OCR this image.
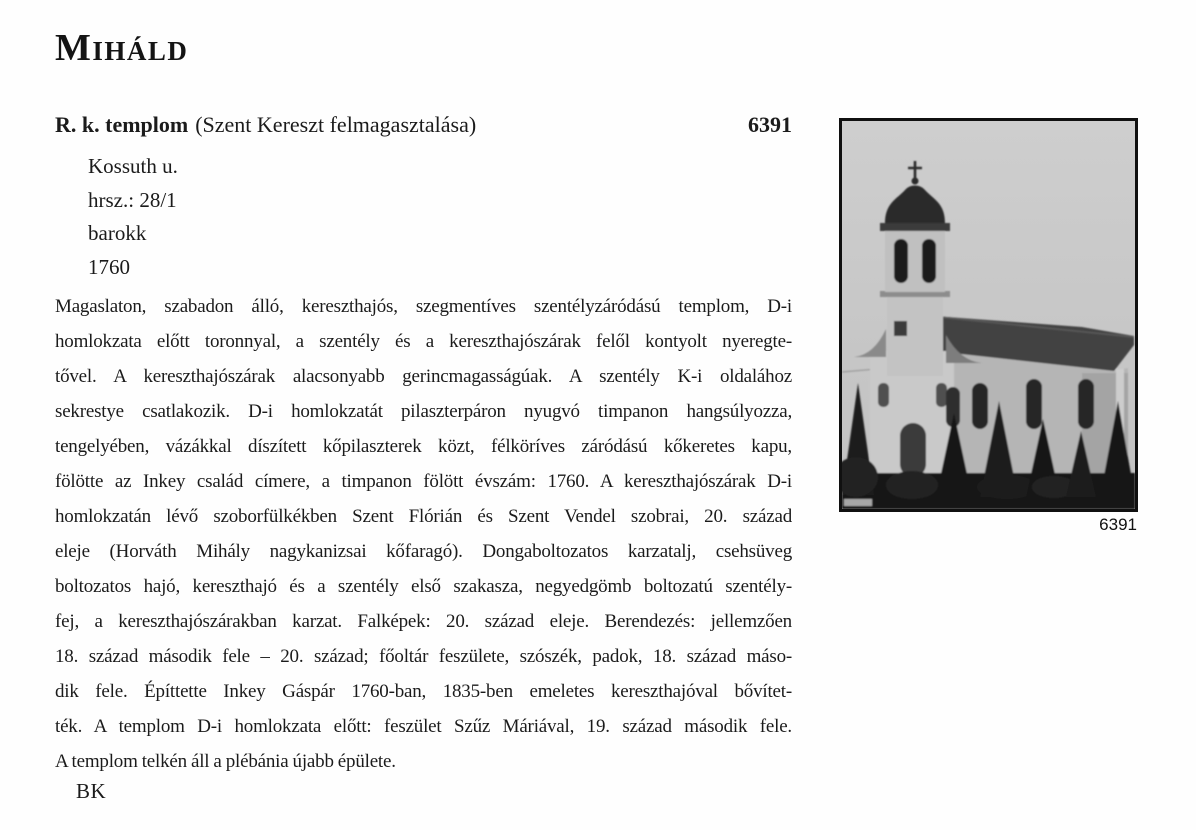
Miháld
R. k. templom (Szent Kereszt felmagasztalása)	6391
Kossuth u.
hrsz.: 28/1
barokk
1760
Magaslaton, szabadon álló, kereszthajós, szegmentíves szentélyzáródású templom, D-i
homlokzata előtt toronnyal, a szentély és a kereszthajószárak felől kontyolt nyeregte-
tővel. A kereszthajószárak alacsonyabb gerincmagasságúak. A szentély K-i oldalához
sekrestye csatlakozik. D-i homlokzatát pilaszterpáron nyugvó timpanon hangsúlyozza,
tengelyében, vázákkal díszített kőpilaszterek közt, félköríves záródású kőkeretes kapu,
fölötte az Inkey család címere, a timpanon fölött évszám: 1760. A kereszthajószárak D-i
homlokzatán lévő szoborfülkékben Szent Flórián és Szent Vendel szobrai, 20. század
eleje (Horváth Mihály nagykanizsai kőfaragó). Dongaboltozatos karzatalj, csehsüveg
boltozatos hajó, kereszthajó és a szentély első szakasza, negyedgömb boltozatú szentély-
fej, a kereszthajószárakban karzat. Falképek: 20. század eleje. Berendezés: jellemzően
18. század második fele – 20. század; főoltár feszülete, szószék, padok, 18. század máso-
dik fele. Építtette Inkey Gáspár 1760-ban, 1835-ben emeletes kereszthajóval bővítet-
ték. A templom D-i homlokzata előtt: feszület Szűz Máriával, 19. század második fele.
A templom telkén áll a plébánia újabb épülete.
BK
6391
